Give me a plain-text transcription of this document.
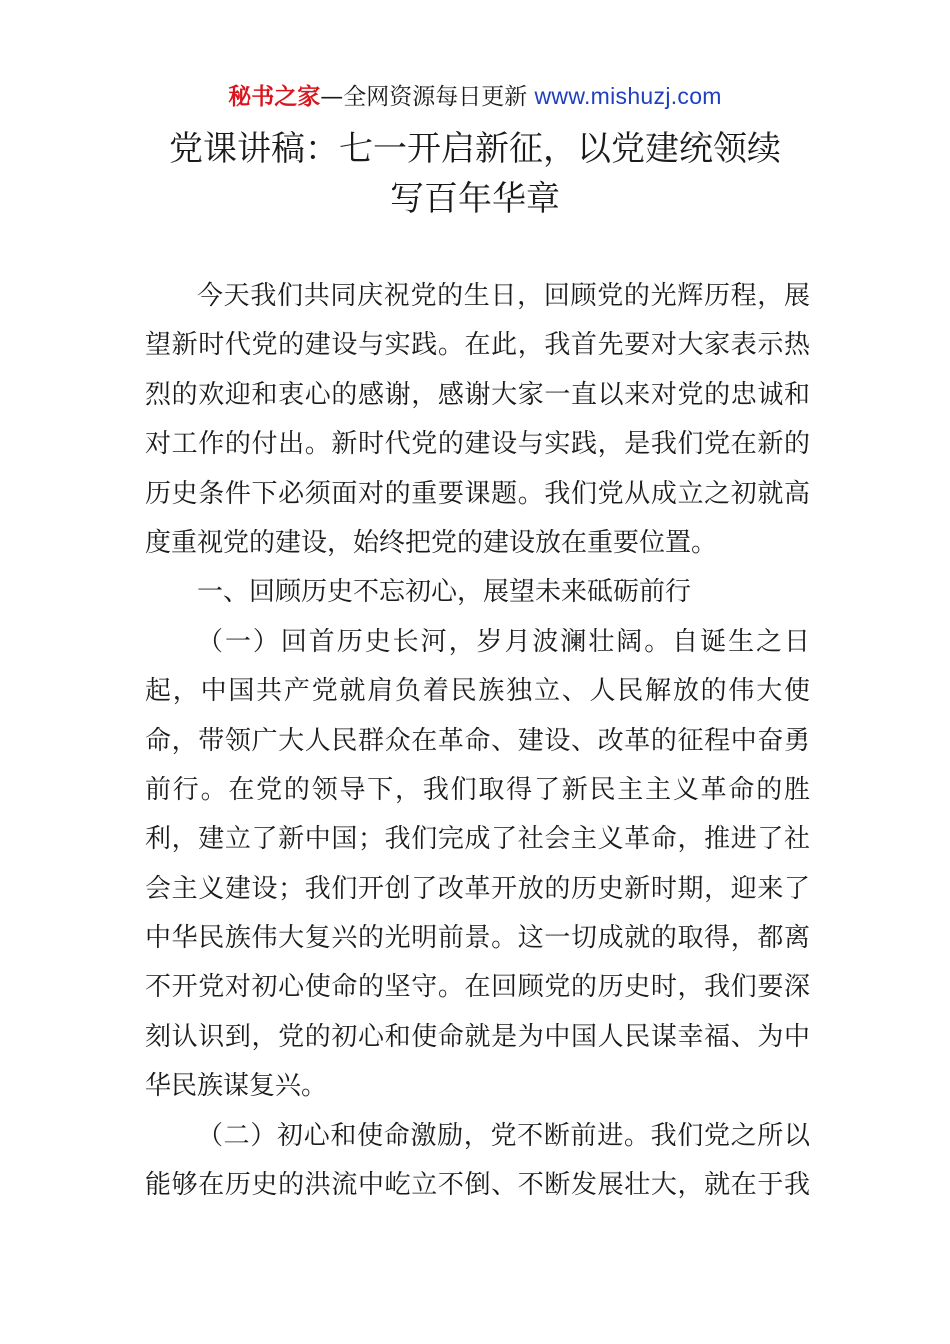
秘书之家—全网资源每日更新 www.mishuzj.com
党课讲稿：七一开启新征，以党建统领续
写百年华章
今天我们共同庆祝党的生日，回顾党的光辉历程，展
望新时代党的建设与实践。在此，我首先要对大家表示热
烈的欢迎和衷心的感谢，感谢大家一直以来对党的忠诚和
对工作的付出。新时代党的建设与实践，是我们党在新的
历史条件下必须面对的重要课题。我们党从成立之初就高
度重视党的建设，始终把党的建设放在重要位置。
一、回顾历史不忘初心，展望未来砥砺前行
（一）回首历史长河，岁月波澜壮阔。自诞生之日
起，中国共产党就肩负着民族独立、人民解放的伟大使
命，带领广大人民群众在革命、建设、改革的征程中奋勇
前行。在党的领导下，我们取得了新民主主义革命的胜
利，建立了新中国；我们完成了社会主义革命，推进了社
会主义建设；我们开创了改革开放的历史新时期，迎来了
中华民族伟大复兴的光明前景。这一切成就的取得，都离
不开党对初心使命的坚守。在回顾党的历史时，我们要深
刻认识到，党的初心和使命就是为中国人民谋幸福、为中
华民族谋复兴。
（二）初心和使命激励，党不断前进。我们党之所以
能够在历史的洪流中屹立不倒、不断发展壮大，就在于我
